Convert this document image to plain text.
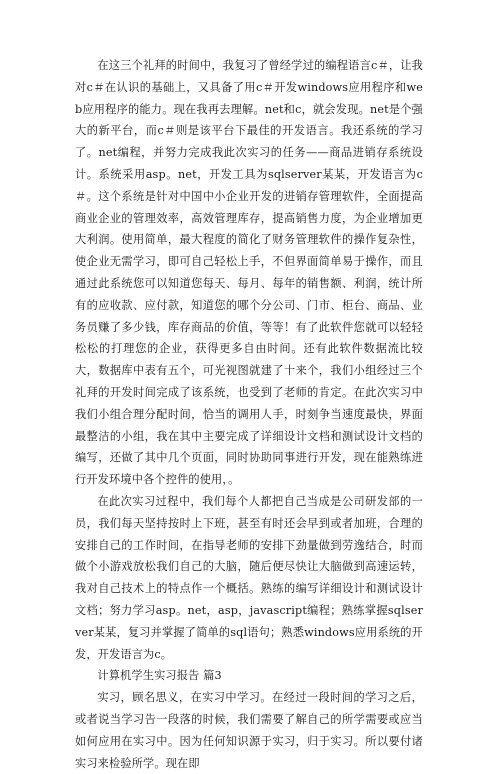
在这三个礼拜的时间中，我复习了曾经学过的编程语言c＃，让我对c＃在认识的基础上，又具备了用c＃开发windows应用程序和web应用程序的能力。现在我再去理解。net和c，就会发现。net是个强大的新平台，而c＃则是该平台下最佳的开发语言。我还系统的学习了。net编程，并努力完成我此次实习的任务——商品进销存系统设计。系统采用asp。net，开发工具为sqlserver某某，开发语言为c＃。这个系统是针对中国中小企业开发的进销存管理软件，全面提高商业企业的管理效率，高效管理库存，提高销售力度，为企业增加更大利润。使用简单，最大程度的简化了财务管理软件的操作复杂性，使企业无需学习，即可自己轻松上手，不但界面简单易于操作，而且通过此系统您可以知道您每天、每月、每年的销售额、利润，统计所有的应收款、应付款，知道您的哪个分公司、门市、柜台、商品、业务员赚了多少钱，库存商品的价值，等等！有了此软件您就可以轻轻松松的打理您的企业，获得更多自由时间。还有此软件数据流比较大，数据库中表有五个，可光视图就建了十来个，我们小组经过三个礼拜的开发时间完成了该系统，也受到了老师的肯定。在此次实习中我们小组合理分配时间，恰当的调用人手，时刻争当速度最快，界面最整洁的小组，我在其中主要完成了详细设计文档和测试设计文档的编写，还做了其中几个页面，同时协助同事进行开发，现在能熟练进行开发环境中各个控件的使用，。

在此次实习过程中，我们每个人都把自己当成是公司研发部的一员，我们每天坚持按时上下班，甚至有时还会早到或者加班，合理的安排自己的工作时间，在指导老师的安排下劲量做到劳逸结合，时而做个小游戏放松我们自己的大脑，随后便尽快让大脑做到高速运转，我对自己技术上的特点作一个概括。熟练的编写详细设计和测试设计文档；努力学习asp。net，asp，javascript编程；熟练掌握sqlserver某某，复习并掌握了简单的sql语句；熟悉windows应用系统的开发，开发语言为c。

计算机学生实习报告 篇3

实习，顾名思义，在实习中学习。在经过一段时间的学习之后，或者说当学习告一段落的时候，我们需要了解自己的所学需要或应当如何应用在实习中。因为任何知识源于实习，归于实习。所以要付诸实习来检验所学。现在即
